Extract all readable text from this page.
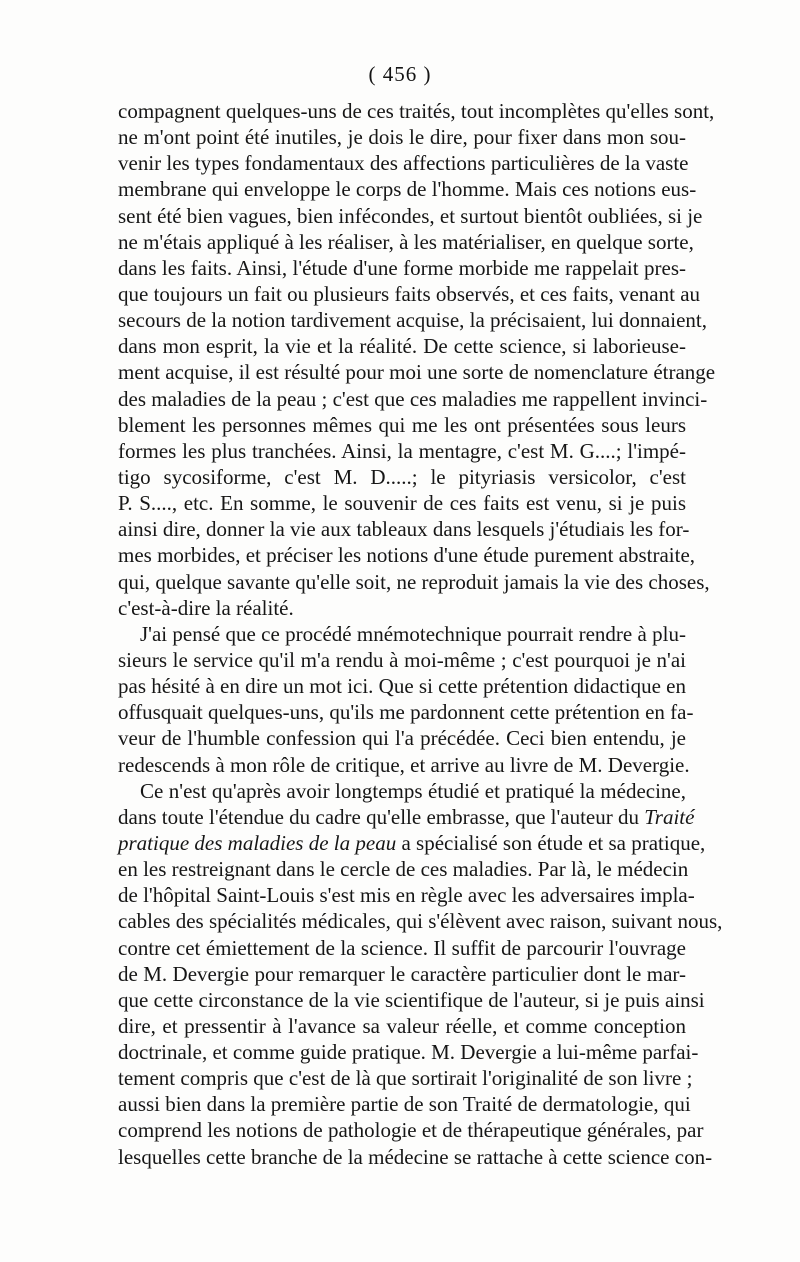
( 456 )
compagnent quelques-uns de ces traités, tout incomplètes qu'elles sont,
ne m'ont point été inutiles, je dois le dire, pour fixer dans mon sou-
venir les types fondamentaux des affections particulières de la vaste
membrane qui enveloppe le corps de l'homme. Mais ces notions eus-
sent été bien vagues, bien infécondes, et surtout bientôt oubliées, si je
ne m'étais appliqué à les réaliser, à les matérialiser, en quelque sorte,
dans les faits. Ainsi, l'étude d'une forme morbide me rappelait pres-
que toujours un fait ou plusieurs faits observés, et ces faits, venant au
secours de la notion tardivement acquise, la précisaient, lui donnaient,
dans mon esprit, la vie et la réalité. De cette science, si laborieuse-
ment acquise, il est résulté pour moi une sorte de nomenclature étrange
des maladies de la peau ; c'est que ces maladies me rappellent invinci-
blement les personnes mêmes qui me les ont présentées sous leurs
formes les plus tranchées. Ainsi, la mentagre, c'est M. G....; l'impé-
tigo sycosiforme, c'est M. D.....; le pityriasis versicolor, c'est
P. S...., etc. En somme, le souvenir de ces faits est venu, si je puis
ainsi dire, donner la vie aux tableaux dans lesquels j'étudiais les for-
mes morbides, et préciser les notions d'une étude purement abstraite,
qui, quelque savante qu'elle soit, ne reproduit jamais la vie des choses,
c'est-à-dire la réalité.
J'ai pensé que ce procédé mnémotechnique pourrait rendre à plu-
sieurs le service qu'il m'a rendu à moi-même ; c'est pourquoi je n'ai
pas hésité à en dire un mot ici. Que si cette prétention didactique en
offusquait quelques-uns, qu'ils me pardonnent cette prétention en fa-
veur de l'humble confession qui l'a précédée. Ceci bien entendu, je
redescends à mon rôle de critique, et arrive au livre de M. Devergie.
Ce n'est qu'après avoir longtemps étudié et pratiqué la médecine,
dans toute l'étendue du cadre qu'elle embrasse, que l'auteur du Traité
pratique des maladies de la peau a spécialisé son étude et sa pratique,
en les restreignant dans le cercle de ces maladies. Par là, le médecin
de l'hôpital Saint-Louis s'est mis en règle avec les adversaires impla-
cables des spécialités médicales, qui s'élèvent avec raison, suivant nous,
contre cet émiettement de la science. Il suffit de parcourir l'ouvrage
de M. Devergie pour remarquer le caractère particulier dont le mar-
que cette circonstance de la vie scientifique de l'auteur, si je puis ainsi
dire, et pressentir à l'avance sa valeur réelle, et comme conception
doctrinale, et comme guide pratique. M. Devergie a lui-même parfai-
tement compris que c'est de là que sortirait l'originalité de son livre ;
aussi bien dans la première partie de son Traité de dermatologie, qui
comprend les notions de pathologie et de thérapeutique générales, par
lesquelles cette branche de la médecine se rattache à cette science con-
